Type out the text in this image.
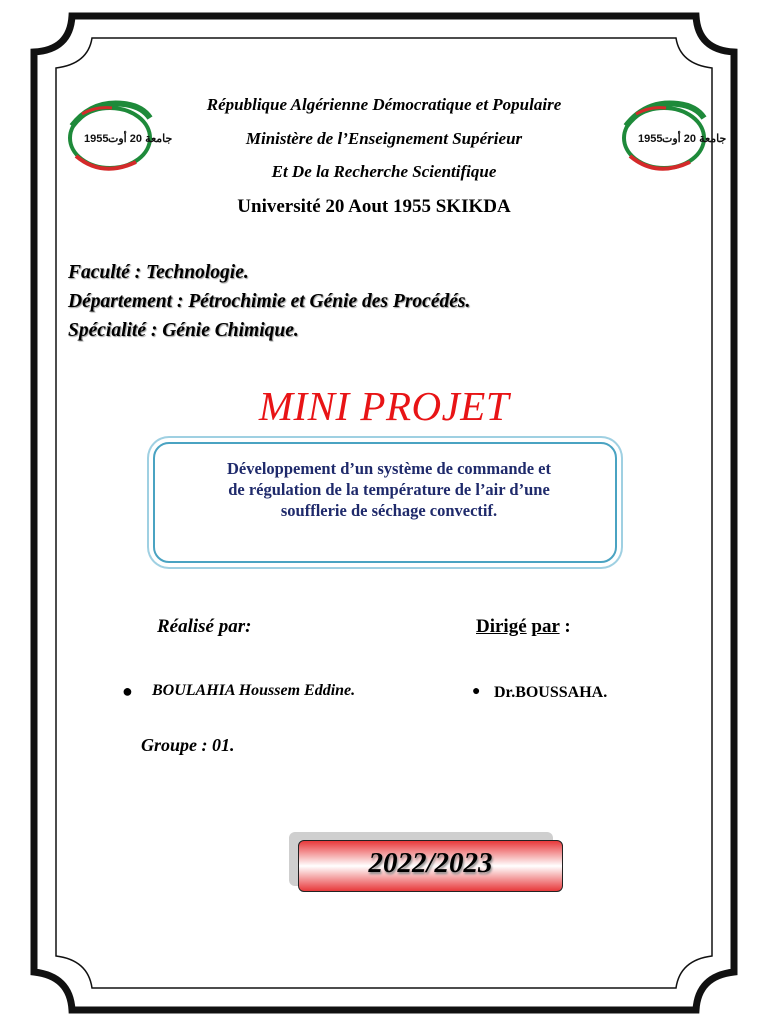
1955 جامعة 20 أوت	1955 جامعة 20 أوت
République Algérienne Démocratique et Populaire
Ministère de l’Enseignement Supérieur
Et De la Recherche Scientifique
Université 20 Aout 1955 SKIKDA
Faculté : Technologie.
Département : Pétrochimie et Génie des Procédés.
Spécialité : Génie Chimique.
MINI PROJET
Développement d’un système de commande et
de régulation de la température de l’air d’une
soufflerie de séchage convectif.
Réalisé par:	Dirigé par :
● BOULAHIA Houssem Eddine.	● Dr.BOUSSAHA.
Groupe : 01.
2022/2023
